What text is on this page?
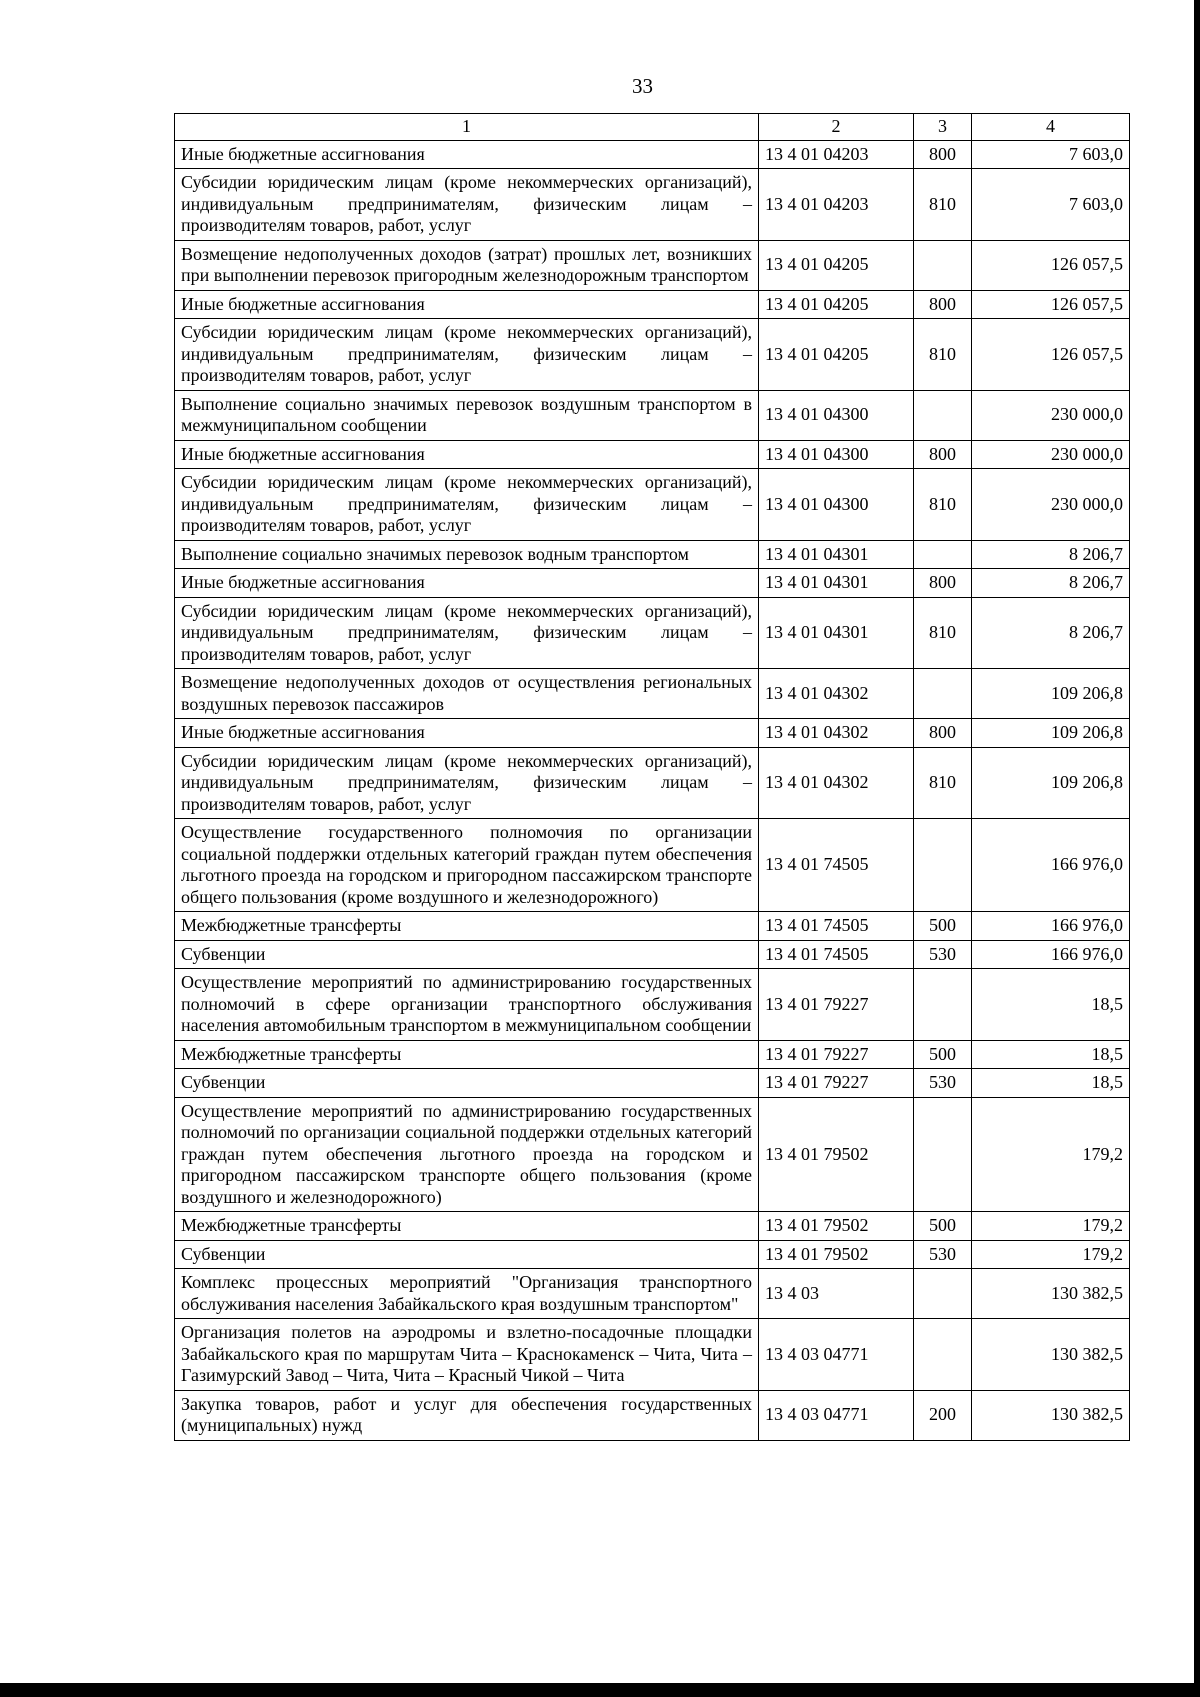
33
1	2	3	4
Иные бюджетные ассигнования	13 4 01 04203	800	7 603,0
Субсидии юридическим лицам (кроме некоммерческих организаций), индивидуальным предпринимателям, физическим лицам – производителям товаров, работ, услуг	13 4 01 04203	810	7 603,0
Возмещение недополученных доходов (затрат) прошлых лет, возникших при выполнении перевозок пригородным железнодорожным транспортом	13 4 01 04205		126 057,5
Иные бюджетные ассигнования	13 4 01 04205	800	126 057,5
Субсидии юридическим лицам (кроме некоммерческих организаций), индивидуальным предпринимателям, физическим лицам – производителям товаров, работ, услуг	13 4 01 04205	810	126 057,5
Выполнение социально значимых перевозок воздушным транспортом в межмуниципальном сообщении	13 4 01 04300		230 000,0
Иные бюджетные ассигнования	13 4 01 04300	800	230 000,0
Субсидии юридическим лицам (кроме некоммерческих организаций), индивидуальным предпринимателям, физическим лицам – производителям товаров, работ, услуг	13 4 01 04300	810	230 000,0
Выполнение социально значимых перевозок водным транспортом	13 4 01 04301		8 206,7
Иные бюджетные ассигнования	13 4 01 04301	800	8 206,7
Субсидии юридическим лицам (кроме некоммерческих организаций), индивидуальным предпринимателям, физическим лицам – производителям товаров, работ, услуг	13 4 01 04301	810	8 206,7
Возмещение недополученных доходов от осуществления региональных воздушных перевозок пассажиров	13 4 01 04302		109 206,8
Иные бюджетные ассигнования	13 4 01 04302	800	109 206,8
Субсидии юридическим лицам (кроме некоммерческих организаций), индивидуальным предпринимателям, физическим лицам – производителям товаров, работ, услуг	13 4 01 04302	810	109 206,8
Осуществление государственного полномочия по организации социальной поддержки отдельных категорий граждан путем обеспечения льготного проезда на городском и пригородном пассажирском транспорте общего пользования (кроме воздушного и железнодорожного)	13 4 01 74505		166 976,0
Межбюджетные трансферты	13 4 01 74505	500	166 976,0
Субвенции	13 4 01 74505	530	166 976,0
Осуществление мероприятий по администрированию государственных полномочий в сфере организации транспортного обслуживания населения автомобильным транспортом в межмуниципальном сообщении	13 4 01 79227		18,5
Межбюджетные трансферты	13 4 01 79227	500	18,5
Субвенции	13 4 01 79227	530	18,5
Осуществление мероприятий по администрированию государственных полномочий по организации социальной поддержки отдельных категорий граждан путем обеспечения льготного проезда на городском и пригородном пассажирском транспорте общего пользования (кроме воздушного и железнодорожного)	13 4 01 79502		179,2
Межбюджетные трансферты	13 4 01 79502	500	179,2
Субвенции	13 4 01 79502	530	179,2
Комплекс процессных мероприятий "Организация транспортного обслуживания населения Забайкальского края воздушным транспортом"	13 4 03		130 382,5
Организация полетов на аэродромы и взлетно-посадочные площадки Забайкальского края по маршрутам Чита – Краснокаменск – Чита, Чита – Газимурский Завод – Чита, Чита – Красный Чикой – Чита	13 4 03 04771		130 382,5
Закупка товаров, работ и услуг для обеспечения государственных (муниципальных) нужд	13 4 03 04771	200	130 382,5
